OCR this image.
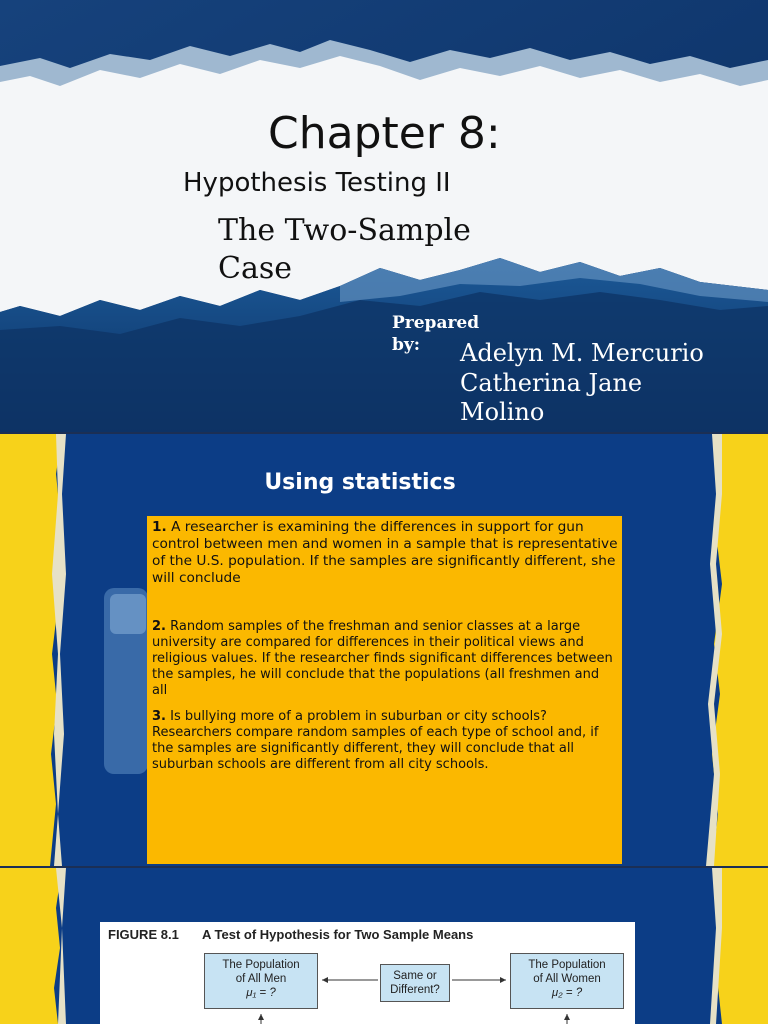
Chapter 8:
Hypothesis Testing II
The Two-Sample Case
Prepared by:	Adelyn M. Mercurio
Catherina Jane
Molino
Using statistics
1. A researcher is examining the differences in support for gun control between men and women in a sample that is representative of the U.S. population. If the samples are significantly different, she will conclude
2. Random samples of the freshman and senior classes at a large university are compared for differences in their political views and religious values. If the researcher finds significant differences between the samples, he will conclude that the populations (all freshmen and all
3. Is bullying more of a problem in suburban or city schools? Researchers compare random samples of each type of school and, if the samples are significantly different, they will conclude that all suburban schools are different from all city schools.
FIGURE 8.1 A Test of Hypothesis for Two Sample Means
The Population
of All Men
μ₁ = ?
Same or
Different?
The Population
of All Women
μ₂ = ?
